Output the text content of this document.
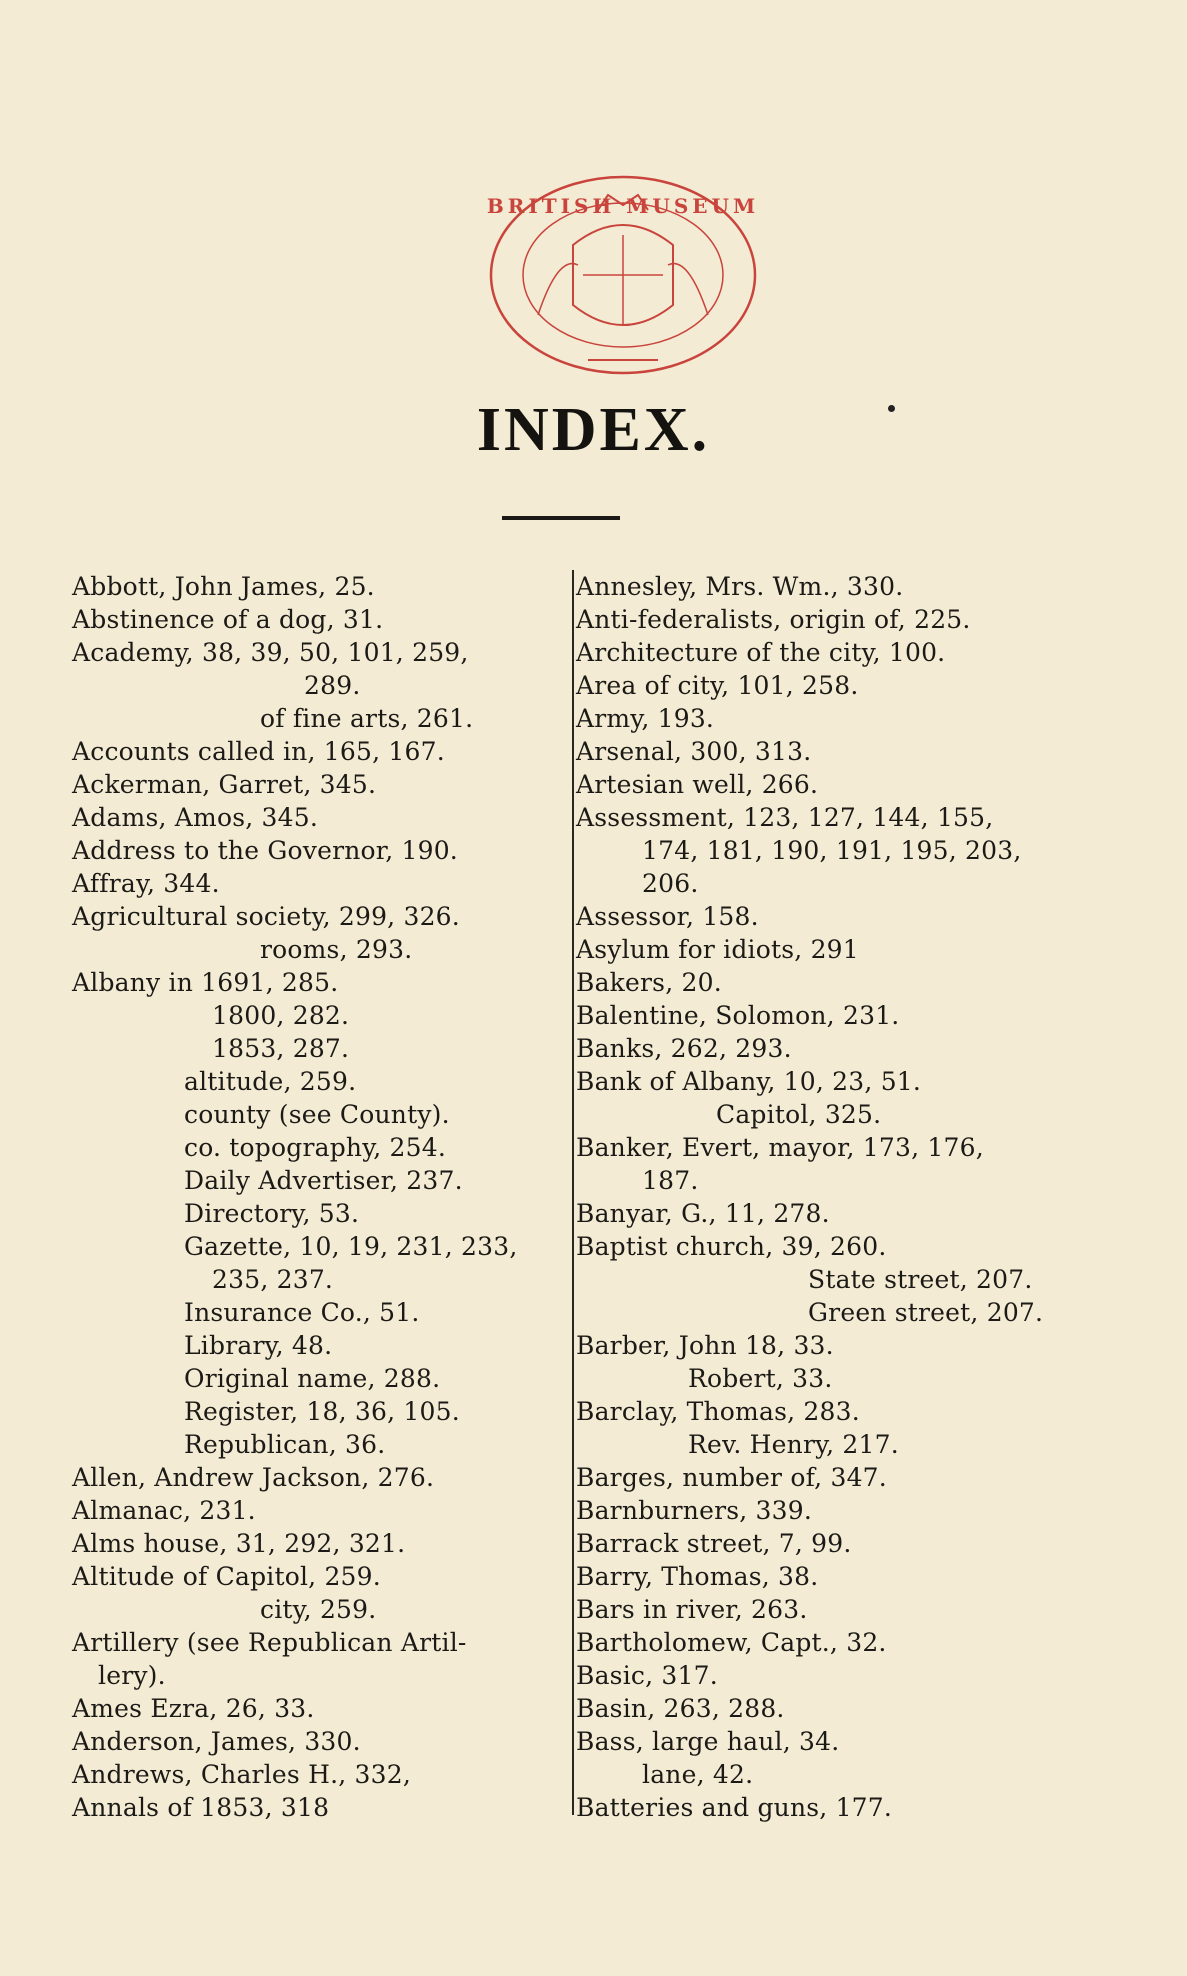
BRITISH MUSEUM
INDEX.
Abbott, John James, 25.
Abstinence of a dog, 31.
Academy, 38, 39, 50, 101, 259,
289.
of fine arts, 261.
Accounts called in, 165, 167.
Ackerman, Garret, 345.
Adams, Amos, 345.
Address to the Governor, 190.
Affray, 344.
Agricultural society, 299, 326.
rooms, 293.
Albany in 1691, 285.
1800, 282.
1853, 287.
altitude, 259.
county (see County).
co. topography, 254.
Daily Advertiser, 237.
Directory, 53.
Gazette, 10, 19, 231, 233,
235, 237.
Insurance Co., 51.
Library, 48.
Original name, 288.
Register, 18, 36, 105.
Republican, 36.
Allen, Andrew Jackson, 276.
Almanac, 231.
Alms house, 31, 292, 321.
Altitude of Capitol, 259.
city, 259.
Artillery (see Republican Artil-
lery).
Ames Ezra, 26, 33.
Anderson, James, 330.
Andrews, Charles H., 332,
Annals of 1853, 318
Annesley, Mrs. Wm., 330.
Anti-federalists, origin of, 225.
Architecture of the city, 100.
Area of city, 101, 258.
Army, 193.
Arsenal, 300, 313.
Artesian well, 266.
Assessment, 123, 127, 144, 155,
174, 181, 190, 191, 195, 203,
206.
Assessor, 158.
Asylum for idiots, 291
Bakers, 20.
Balentine, Solomon, 231.
Banks, 262, 293.
Bank of Albany, 10, 23, 51.
Capitol, 325.
Banker, Evert, mayor, 173, 176,
187.
Banyar, G., 11, 278.
Baptist church, 39, 260.
State street, 207.
Green street, 207.
Barber, John 18, 33.
Robert, 33.
Barclay, Thomas, 283.
Rev. Henry, 217.
Barges, number of, 347.
Barnburners, 339.
Barrack street, 7, 99.
Barry, Thomas, 38.
Bars in river, 263.
Bartholomew, Capt., 32.
Basic, 317.
Basin, 263, 288.
Bass, large haul, 34.
lane, 42.
Batteries and guns, 177.
